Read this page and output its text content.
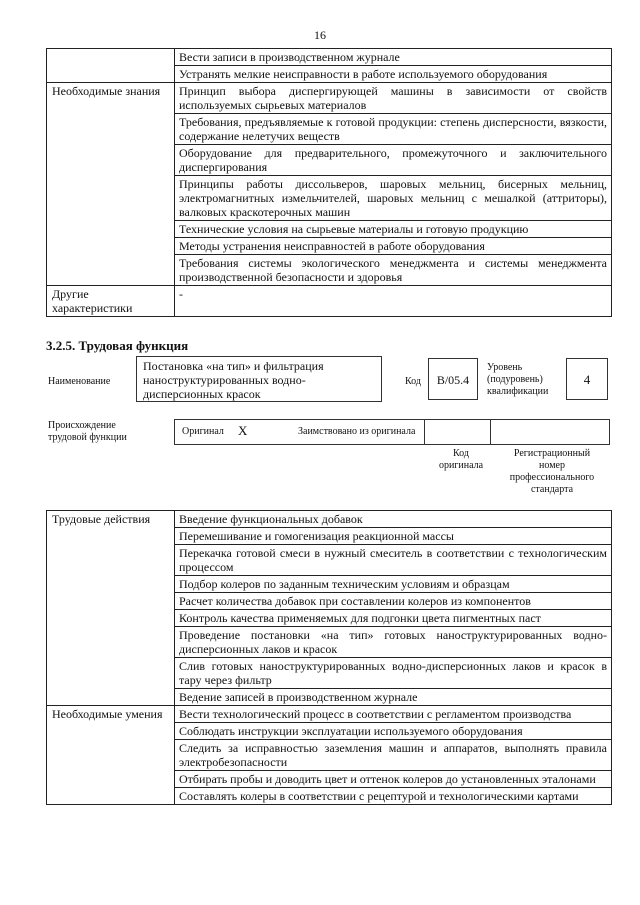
16
	Вести записи в производственном журнале
	Устранять мелкие неисправности в работе используемого оборудования
Необходимые знания	Принцип выбора диспергирующей машины в зависимости от свойств используемых сырьевых материалов
	Требования, предъявляемые к готовой продукции: степень дисперсности, вязкости, содержание нелетучих веществ
	Оборудование для предварительного, промежуточного и заключительного диспергирования
	Принципы работы диссольверов, шаровых мельниц, бисерных мельниц, электромагнитных измельчителей, шаровых мельниц с мешалкой (аттриторы), валковых краскотерочных машин
	Технические условия на сырьевые материалы и готовую продукцию
	Методы устранения неисправностей в работе оборудования
	Требования системы экологического менеджмента и системы менеджмента производственной безопасности и здоровья
Другие характеристики	-
3.2.5. Трудовая функция
Наименование
Постановка «на тип» и фильтрация наноструктурированных водно-дисперсионных красок
Код	В/05.4
Уровень (подуровень) квалификации
4
Происхождение трудовой функции
Оригинал X	Заимствовано из оригинала
Код оригинала
Регистрационный номер профессионального стандарта
Трудовые действия	Введение функциональных добавок
	Перемешивание и гомогенизация реакционной массы
	Перекачка готовой смеси в нужный смеситель в соответствии с технологическим процессом
	Подбор колеров по заданным техническим условиям и образцам
	Расчет количества добавок при составлении колеров из компонентов
	Контроль качества применяемых для подгонки цвета пигментных паст
	Проведение постановки «на тип» готовых наноструктурированных водно-дисперсионных лаков и красок
	Слив готовых наноструктурированных водно-дисперсионных лаков и красок в тару через фильтр
	Ведение записей в производственном журнале
Необходимые умения	Вести технологический процесс в соответствии с регламентом производства
	Соблюдать инструкции эксплуатации используемого оборудования
	Следить за исправностью заземления машин и аппаратов, выполнять правила электробезопасности
	Отбирать пробы и доводить цвет и оттенок колеров до установленных эталонами
	Составлять колеры в соответствии с рецептурой и технологическими картами
